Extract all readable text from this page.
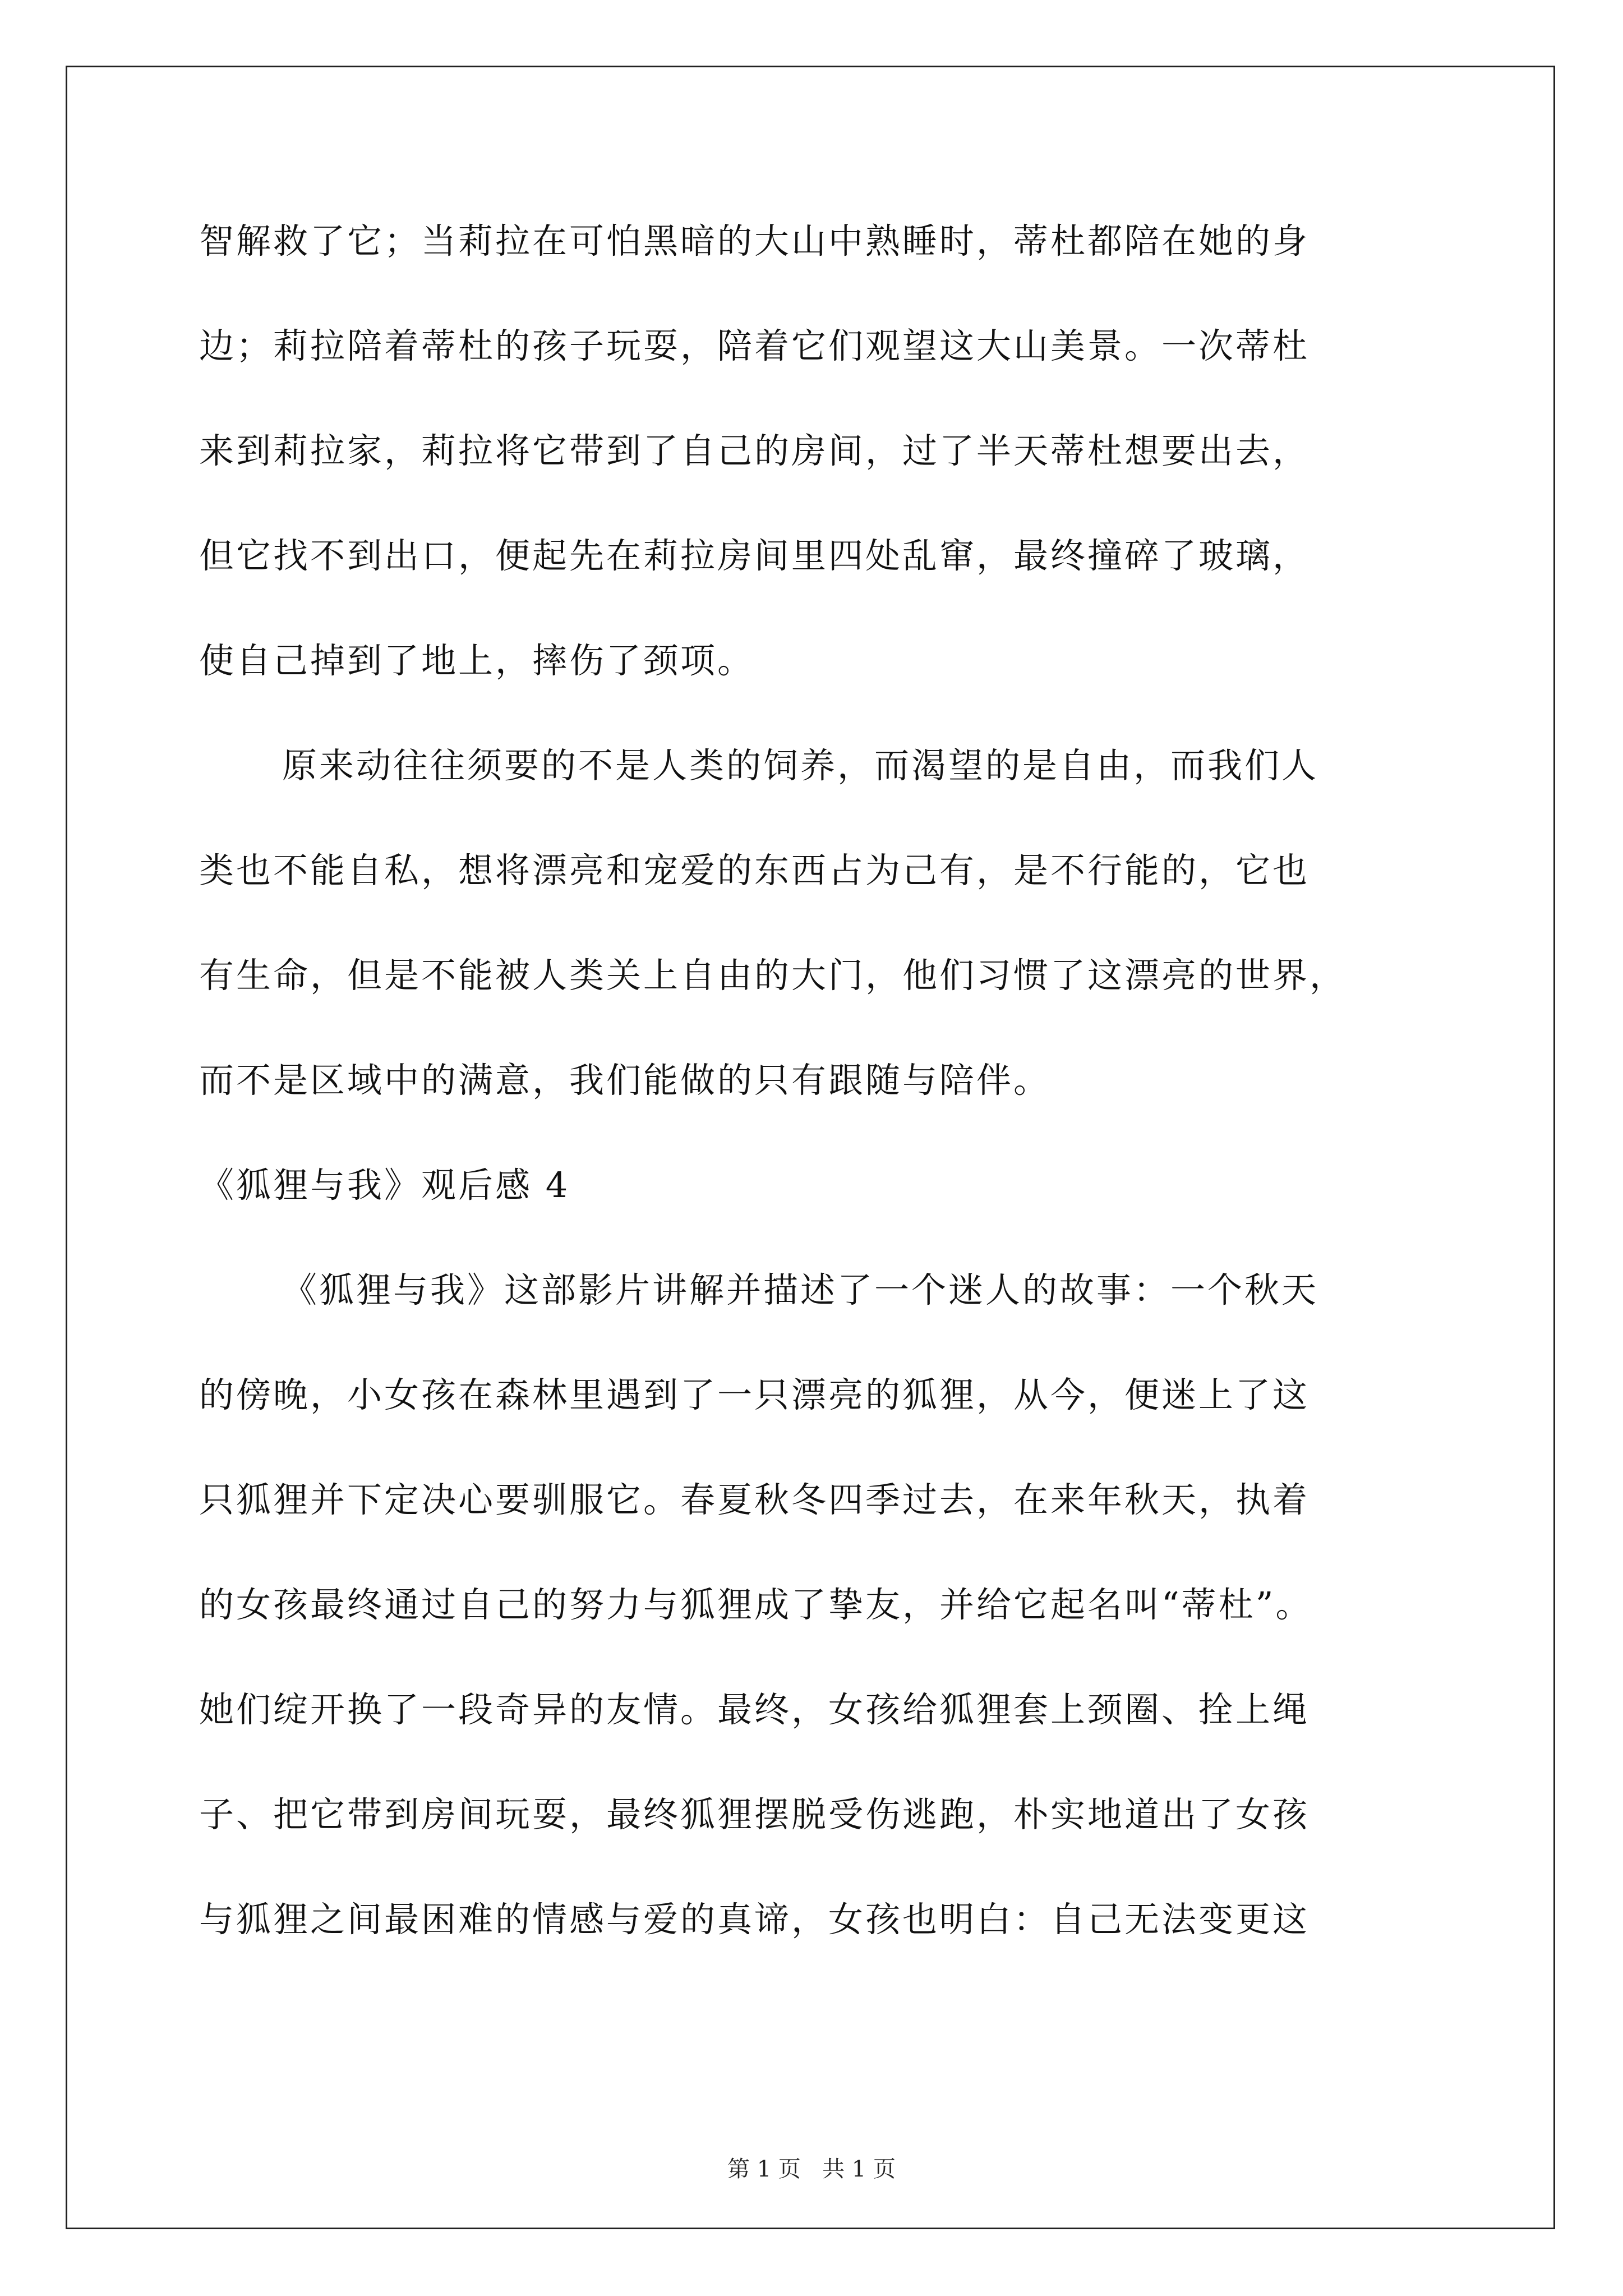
智解救了它；当莉拉在可怕黑暗的大山中熟睡时，蒂杜都陪在她的身
边；莉拉陪着蒂杜的孩子玩耍，陪着它们观望这大山美景。一次蒂杜
来到莉拉家，莉拉将它带到了自己的房间，过了半天蒂杜想要出去，
但它找不到出口，便起先在莉拉房间里四处乱窜，最终撞碎了玻璃，
使自己掉到了地上，摔伤了颈项。
原来动往往须要的不是人类的饲养，而渴望的是自由，而我们人
类也不能自私，想将漂亮和宠爱的东西占为己有，是不行能的，它也
有生命，但是不能被人类关上自由的大门，他们习惯了这漂亮的世界，
而不是区域中的满意，我们能做的只有跟随与陪伴。
《狐狸与我》观后感 4
《狐狸与我》这部影片讲解并描述了一个迷人的故事：一个秋天
的傍晚，小女孩在森林里遇到了一只漂亮的狐狸，从今，便迷上了这
只狐狸并下定决心要驯服它。春夏秋冬四季过去，在来年秋天，执着
的女孩最终通过自己的努力与狐狸成了挚友，并给它起名叫“蒂杜”。
她们绽开换了一段奇异的友情。最终，女孩给狐狸套上颈圈、拴上绳
子、把它带到房间玩耍，最终狐狸摆脱受伤逃跑，朴实地道出了女孩
与狐狸之间最困难的情感与爱的真谛，女孩也明白：自己无法变更这
第 1 页   共 1 页
